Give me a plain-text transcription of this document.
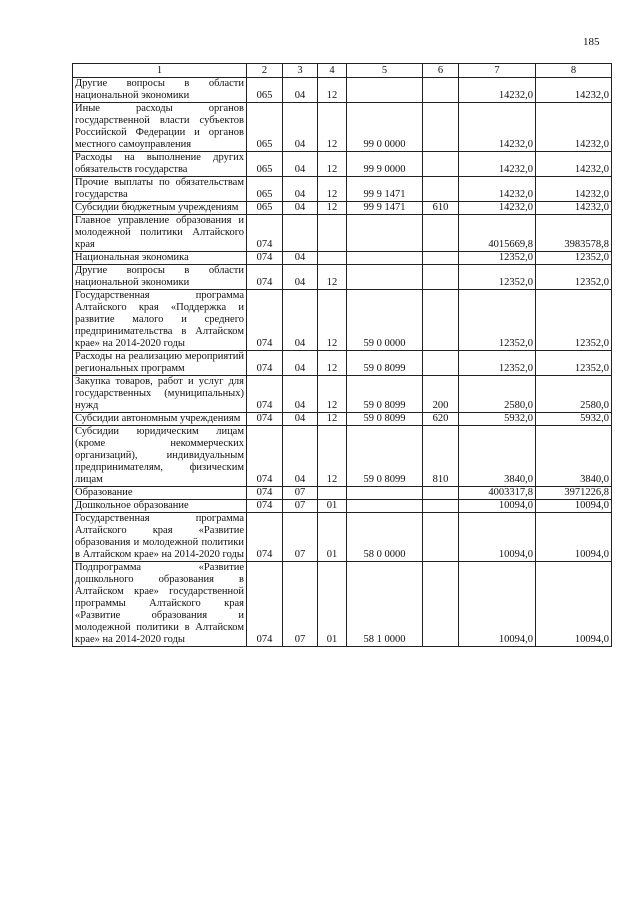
185
1	2	3	4	5	6	7	8
Другие вопросы в области национальной экономики	065	04	12			14232,0	14232,0
Иные расходы органов государственной власти субъектов Российской Федерации и органов местного самоуправления	065	04	12	99 0 0000		14232,0	14232,0
Расходы на выполнение других обязательств государства	065	04	12	99 9 0000		14232,0	14232,0
Прочие выплаты по обязательствам государства	065	04	12	99 9 1471		14232,0	14232,0
Субсидии бюджетным учреждениям	065	04	12	99 9 1471	610	14232,0	14232,0
Главное управление образования и молодежной политики Алтайского края	074					4015669,8	3983578,8
Национальная экономика	074	04				12352,0	12352,0
Другие вопросы в области национальной экономики	074	04	12			12352,0	12352,0
Государственная программа Алтайского края «Поддержка и развитие малого и среднего предпринимательства в Алтайском крае» на 2014-2020 годы	074	04	12	59 0 0000		12352,0	12352,0
Расходы на реализацию мероприятий региональных программ	074	04	12	59 0 8099		12352,0	12352,0
Закупка товаров, работ и услуг для государственных (муниципальных) нужд	074	04	12	59 0 8099	200	2580,0	2580,0
Субсидии автономным учреждениям	074	04	12	59 0 8099	620	5932,0	5932,0
Субсидии юридическим лицам (кроме некоммерческих организаций), индивидуальным предпринимателям, физическим лицам	074	04	12	59 0 8099	810	3840,0	3840,0
Образование	074	07				4003317,8	3971226,8
Дошкольное образование	074	07	01			10094,0	10094,0
Государственная программа Алтайского края «Развитие образования и молодежной политики в Алтайском крае» на 2014-2020 годы	074	07	01	58 0 0000		10094,0	10094,0
Подпрограмма «Развитие дошкольного образования в Алтайском крае» государственной программы Алтайского края «Развитие образования и молодежной политики в Алтайском крае» на 2014-2020 годы	074	07	01	58 1 0000		10094,0	10094,0
